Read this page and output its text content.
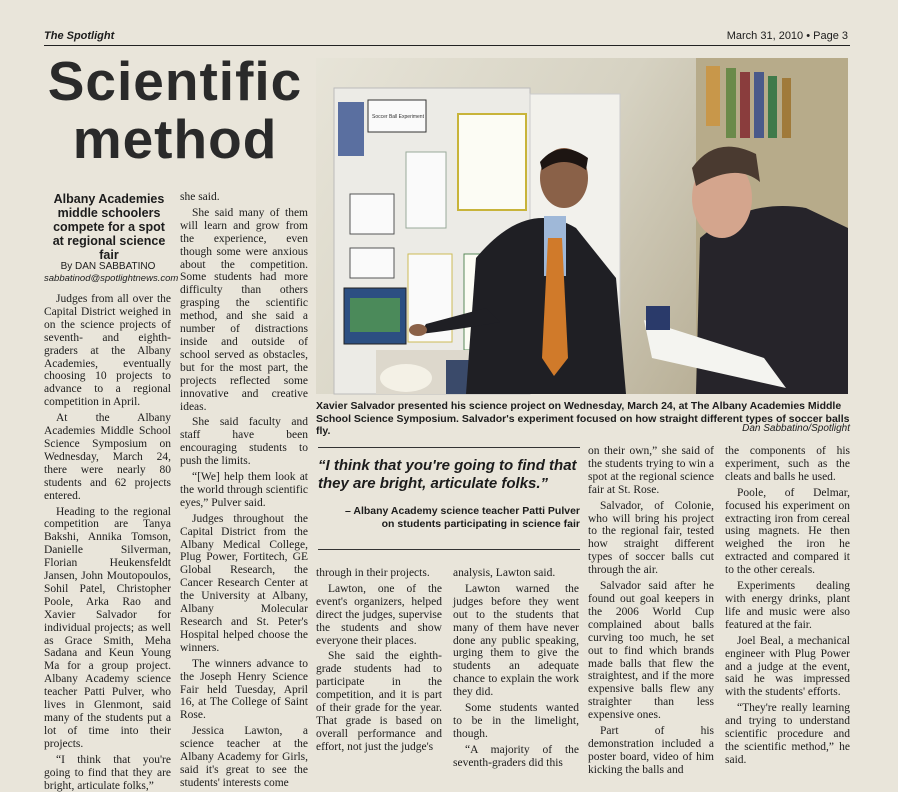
The Spotlight	March 31, 2010 • Page 3
Scientific
method
Albany Academies middle schoolers compete for a spot at regional science fair
By DAN SABBATINO
sabbatinod@spotlightnews.com

Judges from all over the Capital District weighed in on the science projects of seventh- and eighth-graders at the Albany Academies, eventually choosing 10 projects to advance to a regional competition in April.

At the Albany Academies Middle School Science Symposium on Wednesday, March 24, there were nearly 80 students and 62 projects entered.

Heading to the regional competition are Tanya Bakshi, Annika Tomson, Danielle Silverman, Florian Heukensfeldt Jansen, John Moutopoulos, Sohil Patel, Christopher Poole, Arka Rao and Xavier Salvador for individual projects; as well as Grace Smith, Meha Sadana and Keun Young Ma for a group project. Albany Academy science teacher Patti Pulver, who lives in Glenmont, said many of the students put a lot of time into their projects.

“I think that you're going to find that they are bright, articulate folks,”

she said.

She said many of them will learn and grow from the experience, even though some were anxious about the competition. Some students had more difficulty than others grasping the scientific method, and she said a number of distractions inside and outside of school served as obstacles, but for the most part, the projects reflected some innovative and creative ideas.

She said faculty and staff have been encouraging students to push the limits.

“[We] help them look at the world through scientific eyes,” Pulver said.

Judges throughout the Capital District from the Albany Medical College, Plug Power, Fortitech, GE Global Research, the Cancer Research Center at the University at Albany, Albany Molecular Research and St. Peter's Hospital helped choose the winners.

The winners advance to the Joseph Henry Science Fair held Tuesday, April 16, at The College of Saint Rose.

Jessica Lawton, a science teacher at the Albany Academy for Girls, said it's great to see the students' interests come

Soccer Ball Experiment
Xavier Salvador presented his science project on Wednesday, March 24, at The Albany Academies Middle School Science Symposium. Salvador's experiment focused on how straight different types of soccer balls fly.	Dan Sabbatino/Spotlight
“I think that you're going to find that they are bright, articulate folks.”
– Albany Academy science teacher Patti Pulver
on students participating in science fair

through in their projects.

Lawton, one of the event's organizers, helped direct the judges, supervise the students and show everyone their places.

She said the eighth-grade students had to participate in the competition, and it is part of their grade for the year. That grade is based on overall performance and effort, not just the judge's

analysis, Lawton said.

Lawton warned the judges before they went out to the students that many of them have never done any public speaking, urging them to give the students an adequate chance to explain the work they did.

Some students wanted to be in the limelight, though.

“A majority of the seventh-graders did this

on their own,” she said of the students trying to win a spot at the regional science fair at St. Rose.

Salvador, of Colonie, who will bring his project to the regional fair, tested how straight different types of soccer balls cut through the air.

Salvador said after he found out goal keepers in the 2006 World Cup complained about balls curving too much, he set out to find which brands made balls that flew the straightest, and if the more expensive balls flew any straighter than less expensive ones.

Part of his demonstration included a poster board, video of him kicking the balls and

the components of his experiment, such as the cleats and balls he used.

Poole, of Delmar, focused his experiment on extracting iron from cereal using magnets. He then weighed the iron he extracted and compared it to the other cereals.

Experiments dealing with energy drinks, plant life and music were also featured at the fair.

Joel Beal, a mechanical engineer with Plug Power and a judge at the event, said he was impressed with the students' efforts.

“They're really learning and trying to understand scientific procedure and the scientific method,” he said.
